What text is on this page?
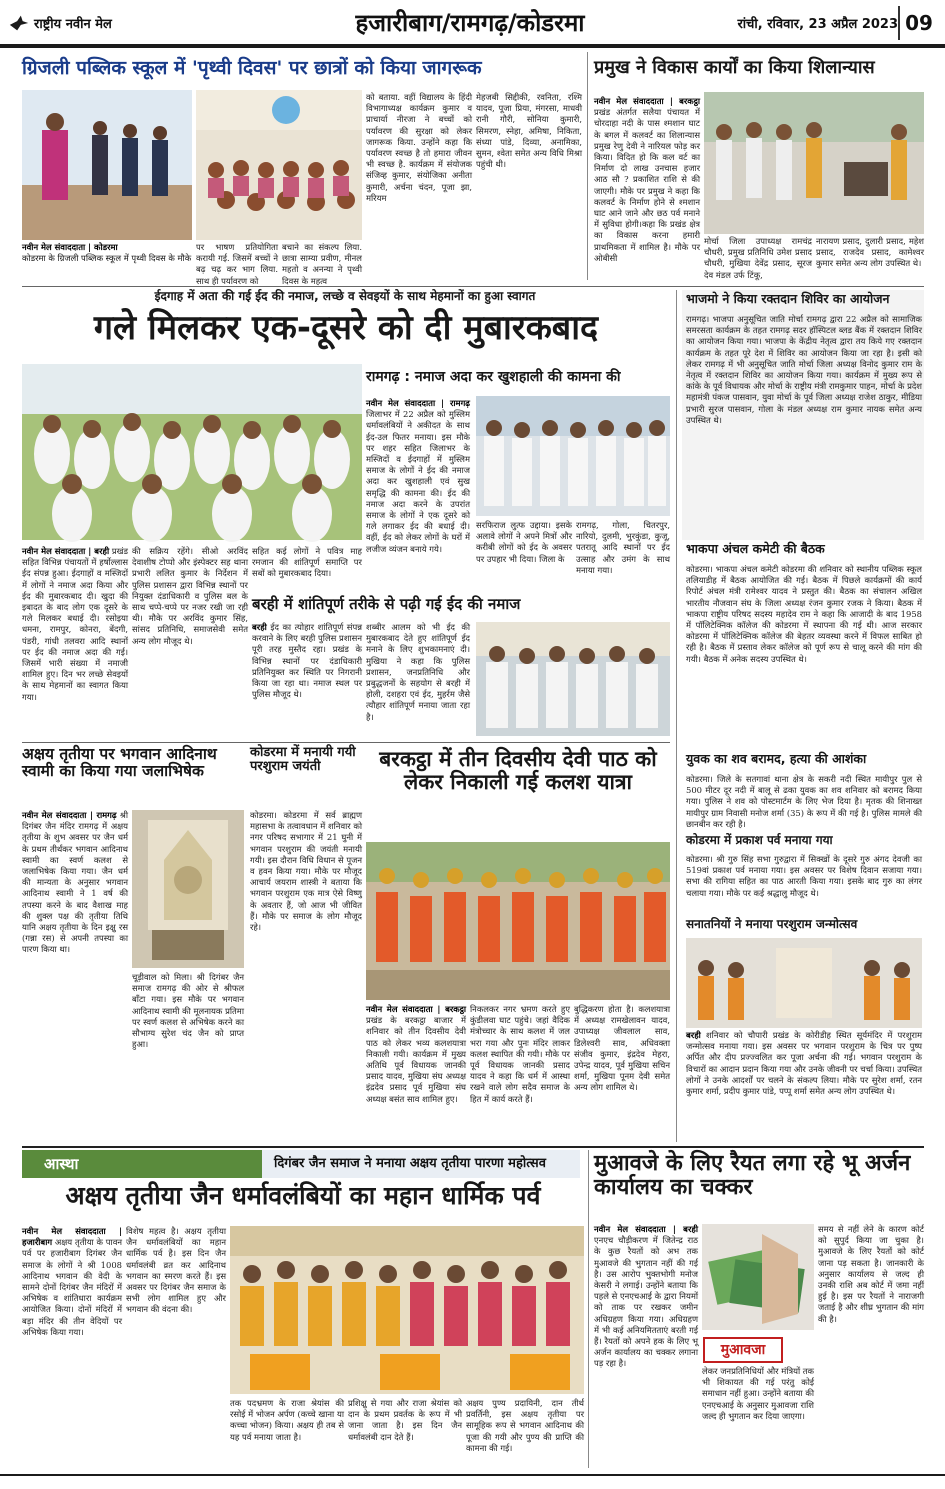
राष्ट्रीय नवीन मेल	हजारीबाग/रामगढ़/कोडरमा	रांची, रविवार, 23 अप्रैल 2023 09
ग्रिजली पब्लिक स्कूल में 'पृथ्वी दिवस' पर छात्रों को किया जागरूक
नवीन मेल संवाददाता | कोडरमा
कोडरमा के ग्रिजली पब्लिक स्कूल में पृथ्वी दिवस के मौके
पर भाषण प्रतियोगिता करायी गई. जिसमें बच्चों ने बढ़ चढ़ कर भाग लिया. साथ ही पर्यावरण को
बचाने का संकल्प लिया. छात्रा साम्या प्रवीण, मीनल महतो व अनन्या ने पृथ्वी दिवस के महत्व
को बताया. वहीं विद्यालय के हिंदी विभागाध्यक्ष कार्यक्रम कुमार व प्राचार्या नीरजा ने बच्चों को पर्यावरण की सुरक्षा को लेकर जागरूक किया. उन्होंने कहा कि पर्यावरण स्वच्छ है तो हमारा जीवन भी स्वच्छ है. कार्यक्रम में संयोजक संजिव्ह कुमार, संयोजिका अनीता कुमारी, अर्चना चंदन, पूजा झा, मरियम
मेहजबी सिद्दीकी, रवनिता, रश्मि यादव, पूजा प्रिया, मंगरसा, माधवी रानी गौरी, सोनिया कुमारी, सिमरण, स्नेहा, अमिषा, निकिता, संध्या पांडे, दिव्या, अनामिका, सुमन, श्वेता समेत अन्य विधि मिश्रा पहुंची थी।
प्रमुख ने विकास कार्यों का किया शिलान्यास
नवीन मेल संवाददाता | बरकट्ठा प्रखंड अंतर्गत सलैया पंचायत में चोरदाहा नदी के पास श्मशान घाट के बगल में कलवर्ट का शिलान्यास प्रमुख रेणु देवी ने नारियल फोड़ कर किया। विदित हो कि कल वर्ट का निर्माण दो लाख उनचास हजार आठ सौ ? प्रकाशित राशि से की जाएगी। मौके पर प्रमुख ने कहा कि कलवर्ट के निर्माण होने से श्मशान घाट आने जाने और छठ पर्व मनाने में सुविधा होगी।कहा कि प्रखंड क्षेत्र का विकास करना हमारी प्राथमिकता में शामिल है। मौके पर ओबीसी
मोर्चा जिला उपाध्यक्ष रामचंद्र चौधरी, प्रमुख प्रतिनिधि उमेश प्रसाद चौधरी, मुखिया देवेंद्र प्रसाद, सूरज देव मंडल उर्फ टिंकू,
नारायण प्रसाद, दुलारी प्रसाद, महेश प्रसाद, राजदेव प्रसाद, कामेश्वर कुमार समेत अन्य लोग उपस्थित थे।
ईदगाह में अता की गई ईद की नमाज, लच्छे व सेवइयों के साथ मेहमानों का हुआ स्वागत
गले मिलकर एक-दूसरे को दी मुबारकबाद
नवीन मेल संवाददाता | बरही प्रखंड सहित विभिन्न पंचायतों में हर्षोल्लास ईद संपन्न हुआ। ईदगाहों व मस्जिदों में लोगों ने नमाज अदा किया और ईद की मुबारकबाद दी। खुदा की इबादत के बाद लोग एक दूसरे के गले मिलकर बधाई दी। रसोइया धमना, रामपुर, कोनरा, बेंदगी, पंडरी, गांधी तलवरा आदि स्थानों पर ईद की नमाज अदा की गई। जिसमें भारी संख्या में नमाजी शामिल हुए। दिन भर लच्छे सेवइयों के साथ मेहमानों का स्वागत किया गया।
की सक्रिय रहेंगे। सीओ अरविंद देवाशीष टोप्पो और इंस्पेक्टर सह थाना प्रभारी ललित कुमार के निर्देशन में पुलिस प्रशासन द्वारा विभिन्न स्थानों पर नियुक्त दंडाधिकारी व पुलिस बल के साथ चप्पे-चप्पे पर नजर रखी जा रही थी। मौके पर अरविंद कुमार सिंह, सांसद प्रतिनिधि, समाजसेवी समेत अन्य लोग मौजूद थे।
सहित कई लोगों ने पवित्र माह रमजान की शांतिपूर्ण समाप्ति पर सबों को मुबारकबाद दिया।
रामगढ़ : नमाज अदा कर खुशहाली की कामना की
नवीन मेल संवाददाता | रामगढ़ जिलाभर में 22 अप्रैल को मुस्लिम धर्मावलंबियों ने अकीदत के साथ ईद-उल फितर मनाया। इस मौके पर शहर सहित जिलाभर के मस्जिदों व ईदगाहों में मुस्लिम समाज के लोगों ने ईद की नमाज अदा कर खुशहाली एवं सुख समृद्धि की कामना की। ईद की नमाज अदा करने के उपरांत समाज के लोगों ने एक दूसरे को गले लगाकर ईद की बधाई दी। वहीं, ईद को लेकर लोगों के घरों में लजीज व्यंजन बनाये गये।
सरफिराज लुत्फ उद्दाया। इसके अलावे लोगों ने अपने मित्रों और करीबी लोगों को ईद के अवसर पर उपहार भी दिया। जिला के
रामगढ़, गोला, चितरपुर, नारियो, दुलमी, भुरकुंडा, कुजू, पतरातू आदि स्थानों पर ईद उत्साह और उमंग के साथ मनाया गया।
बरही में शांतिपूर्ण तरीके से पढ़ी गई ईद की नमाज
बरही ईद का त्योहार शांतिपूर्ण संपन्न करवाने के लिए बरही पुलिस प्रशासन पूरी तरह मुस्तैद रहा। प्रखंड के विभिन्न स्थानों पर दंडाधिकारी प्रतिनियुक्त कर स्थिति पर निगरानी किया जा रहा था। नमाज स्थल पर पुलिस मौजूद थे।
शब्बीर आलम को भी ईद की मुबारकबाद देते हुए शांतिपूर्ण ईद मनाने के लिए शुभकामनाएं दी। मुखिया ने कहा कि पुलिस प्रशासन, जनप्रतिनिधि और प्रबुद्धजनों के सहयोग से बरही में होली, दशहरा एवं ईद, मुहर्रम जैसे त्यौहार शांतिपूर्ण मनाया जाता रहा है।
अक्षय तृतीया पर भगवान आदिनाथ स्वामी का किया गया जलाभिषेक
नवीन मेल संवाददाता | रामगढ़ श्री दिगंबर जैन मंदिर रामगढ़ में अक्षय तृतीया के शुभ अवसर पर जैन धर्म के प्रथम तीर्थंकर भगवान आदिनाथ स्वामी का स्वर्ण कलश से जलाभिषेक किया गया। जैन धर्म की मान्यता के अनुसार भगवान आदिनाथ स्वामी ने 1 वर्ष की तपस्या करने के बाद वैशाख माह की शुक्ल पक्ष की तृतीया तिथि यानि अक्षय तृतीया के दिन इक्षु रस (गन्ना रस) से अपनी तपस्या का पारण किया था।
चूड़ीवाल को मिला। श्री दिगंबर जैन समाज रामगढ़ की ओर से श्रीफल बाँटा गया। इस मौके पर भगवान आदिनाथ स्वामी की मूलनायक प्रतिमा पर स्वर्ण कलश से अभिषेक करने का सौभाग्य सुरेश चंद जैन को प्राप्त हुआ।
कोडरमा में मनायी गयी परशुराम जयंती
कोडरमा। कोडरमा में सर्व ब्राह्मण महासभा के तत्वावधान में शनिवार को नगर परिषद सभागार में 21 घुनी में भगवान परशुराम की जयंती मनायी गयी। इस दौरान विधि विधान से पूजन व हवन किया गया। मौके पर मौजूद आचार्य जयराम शास्त्री ने बताया कि भगवान परशुराम एक मात्र ऐसे विष्णु के अवतार हैं, जो आज भी जीवित हैं। मौके पर समाज के लोग मौजूद रहे।
बरकट्ठा में तीन दिवसीय देवी पाठ को लेकर निकाली गई कलश यात्रा
नवीन मेल संवाददाता | बरकट्ठा प्रखंड के बरकट्ठा बाजार में शनिवार को तीन दिवसीय देवी पाठ को लेकर भव्य कलशयात्रा निकाली गयी। कार्यक्रम में मुख्य अतिथि पूर्व विधायक जानकी प्रसाद यादव, मुखिया संघ अध्यक्ष इंद्रदेव प्रसाद पूर्व मुखिया संघ अध्यक्ष बसंत साव शामिल हुए।
निकलकर नगर भ्रमण करते हुए कुंडीलवा घाट पहुंचे। जहां वैदिक मंत्रोच्चार के साथ कलश में जल भरा गया और पुनः मंदिर लाकर कलश स्थापित की गयी। मौके पर पूर्व विधायक जानकी प्रसाद यादव ने कहा कि धर्म में आस्था रखने वाले लोग सदैव समाज के हित में कार्य करते हैं।
बुद्धिकरण होता है। कलशयात्रा में अध्यक्ष रामखेलावन यादव, उपाध्यक्ष जीवलाल साव, डिलेश्वरी साव, अधिवक्ता संजीव कुमार, इंद्रदेव मेहरा, उपेन्द्र यादव, पूर्व मुखिया सचिन शर्मा, मुखिया पूनम देवी समेत अन्य लोग शामिल थे।
भाजमो ने किया रक्तदान शिविर का आयोजन
रामगढ़। भाजपा अनुसूचित जाति मोर्चा रामगढ़ द्वारा 22 अप्रैल को सामाजिक समरसता कार्यक्रम के तहत रामगढ़ सदर हॉस्पिटल ब्लड बैंक में रक्तदान शिविर का आयोजन किया गया। भाजपा के केंद्रीय नेतृत्व द्वारा तय किये गए रक्तदान कार्यक्रम के तहत पूरे देश में शिविर का आयोजन किया जा रहा है। इसी को लेकर रामगढ़ में भी अनुसूचित जाति मोर्चा जिला अध्यक्ष विनोद कुमार राम के नेतृत्व में रक्तदान शिविर का आयोजन किया गया। कार्यक्रम में मुख्य रूप से कांके के पूर्व विधायक और मोर्चा के राष्ट्रीय मंत्री रामकुमार पाहन, मोर्चा के प्रदेश महामंत्री पंकज पासवान, युवा मोर्चा के पूर्व जिला अध्यक्ष राजेश ठाकुर, मीडिया प्रभारी सुरज पासवान, गोला के मंडल अध्यक्ष राम कुमार नायक समेत अन्य उपस्थित थे।
भाकपा अंचल कमेटी की बैठक
कोडरमा। भाकपा अंचल कमेटी कोडरमा की शनिवार को स्थानीय पब्लिक स्कूल तलियाडीह में बैठक आयोजित की गई। बैठक में पिछले कार्यक्रमों की कार्य रिपोर्ट अंचल मंत्री रामेश्वर यादव ने प्रस्तुत की। बैठक का संचालन अखिल भारतीय नौजवान संघ के जिला अध्यक्ष रंजन कुमार रजक ने किया। बैठक में भाकपा राष्ट्रीय परिषद सदस्य महादेव राम ने कहा कि आजादी के बाद 1958 में पॉलिटेक्निक कॉलेज की कोडरमा में स्थापना की गई थी। आज सरकार कोडरमा में पॉलिटेक्निक कॉलेज की बेहतर व्यवस्था करने में विफल साबित हो रही है। बैठक में प्रस्ताव लेकर कॉलेज को पूर्ण रूप से चालू करने की मांग की गयी। बैठक में अनेक सदस्य उपस्थित थे।
युवक का शव बरामद, हत्या की आशंका
कोडरमा। जिले के सतगावां थाना क्षेत्र के सकरी नदी स्थित मायीपुर पुल से 500 मीटर दूर नदी में बालू से ढका युवक का शव शनिवार को बरामद किया गया। पुलिस ने शव को पोस्टमार्टम के लिए भेज दिया है। मृतक की शिनाख्त मायीपुर ग्राम निवासी मनोज शर्मा (35) के रूप में की गई है। पुलिस मामले की छानबीन कर रही है।
कोडरमा में प्रकाश पर्व मनाया गया
कोडरमा। श्री गुरु सिंह सभा गुरुद्वारा में सिक्खों के दूसरे गुरु अंगद देवजी का 519वां प्रकाश पर्व मनाया गया। इस अवसर पर विशेष दिवान सजाया गया। सभा की रागिया सहित का पाठ आरती किया गया। इसके बाद गुरु का लंगर चलाया गया। मौके पर कई श्रद्धालु मौजूद थे।
सनातनियों ने मनाया परशुराम जन्मोत्सव
बरही शनिवार को चौपारी प्रखंड के कोरीडीह स्थित सूर्यमंदिर में परशुराम जन्मोत्सव मनाया गया। इस अवसर पर भगवान परशुराम के चित्र पर पुष्प अर्पित और दीप प्रज्ज्वलित कर पूजा अर्चना की गई। भगवान परशुराम के विचारों का आदान प्रदान किया गया और उनके जीवनी पर चर्चा किया। उपस्थित लोगों ने उनके आदर्शों पर चलने के संकल्प लिया। मौके पर सुरेश शर्मा, रतन कुमार शर्मा, प्रदीप कुमार पांडे, पप्पू शर्मा समेत अन्य लोग उपस्थित थे।
आस्था	दिगंबर जैन समाज ने मनाया अक्षय तृतीया पारणा महोत्सव
अक्षय तृतीया जैन धर्मावलंबियों का महान धार्मिक पर्व
नवीन मेल संवाददाता | हजारीबाग अक्षय तृतीया के पावन पर्व पर हजारीबाग दिगंबर जैन समाज के लोगों ने श्री 1008 आदिनाथ भगवान की वेदी के सामने दोनों दिगंबर जैन मंदिरों में अभिषेक व शांतिधारा कार्यक्रम आयोजित किया। दोनों मंदिरों में बड़ा मंदिर की तीन वेदियों पर अभिषेक किया गया।
विशेष महत्व है। अक्षय तृतीया जैन धर्मावलंबियों का महान धार्मिक पर्व है। इस दिन जैन धर्मावलंबी व्रत कर आदिनाथ भगवान का स्मरण करते हैं। इस अवसर पर दिगंबर जैन समाज के सभी लोग शामिल हुए और भगवान की वंदना की।
तक पदभ्रमण के राजा श्रेयांस की रसोई में भोजन अर्पण (कच्चे खाना या कच्चा भोजन) किया। अक्षय ही तब से यह पर्व मनाया जाता है।
प्रशिक्षु से गया और राजा श्रेयांस को दान के प्रथम प्रवर्तक के रूप में भी जाना जाता है। इस दिन जैन धर्मावलंबी दान देते हैं।
अक्षय पुण्य प्रदायिनी, दान तीर्थ प्रवर्तिनी, इस अक्षय तृतीया पर सामूहिक रूप से भगवान आदिनाथ की पूजा की गयी और पुण्य की प्राप्ति की कामना की गई।
मुआवजे के लिए रैयत लगा रहे भू अर्जन कार्यालय का चक्कर
नवीन मेल संवाददाता | बरही एनएच चौड़ीकरण में जितेन्द्र राठ के कुछ रैयतों को अभ तक मुआवजे की भुगतान नहीं की गई है। उस आरोप भुक्तभोगी मनोज केसरी ने लगाई। उन्होंने बताया कि पहले से एनएचआई के द्वारा नियमों को ताक पर रखकर जमीन अधिग्रहण किया गया। अधिग्रहण में भी कई अनियमितताएं बरती गई हैं। रैयतों को अपने हक के लिए भू अर्जन कार्यालय का चक्कर लगाना पड़ रहा है।
मुआवजा
लेकर जनप्रतिनिधियों और मंत्रियों तक भी शिकायत की गई परंतु कोई समाधान नहीं हुआ। उन्होंने बताया की एनएचआई के अनुसार मुआवजा राशि जल्द ही भुगतान कर दिया जाएगा।
समय से नहीं लेने के कारण कोर्ट को सुपुर्द किया जा चुका है। मुआवजे के लिए रैयतों को कोर्ट जाना पड़ सकता है। जानकारी के अनुसार कार्यालय से जल्द ही उनकी राशि अब कोर्ट में जमा नहीं हुई है। इस पर रैयतों ने नाराजगी जताई है और शीघ्र भुगतान की मांग की है।
